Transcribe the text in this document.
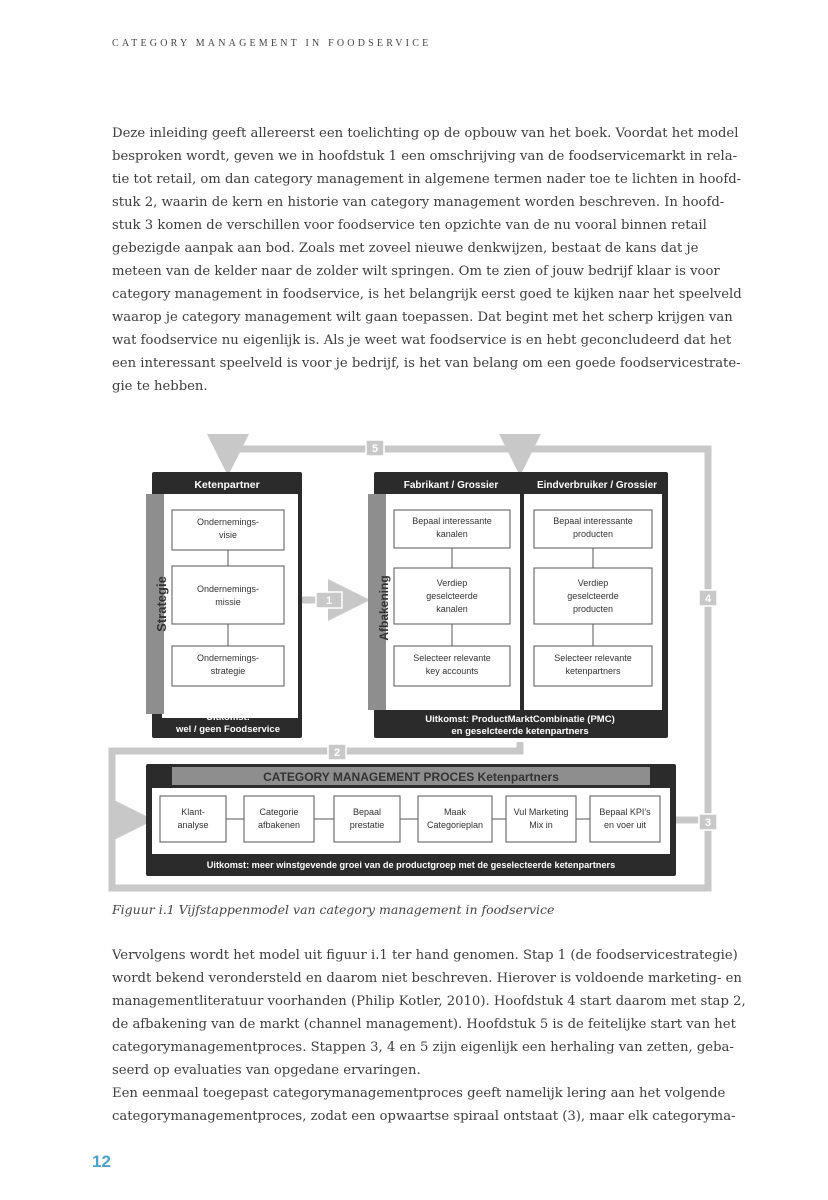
CATEGORY MANAGEMENT IN FOODSERVICE
Deze inleiding geeft allereerst een toelichting op de opbouw van het boek. Voordat het model
besproken wordt, geven we in hoofdstuk 1 een omschrijving van de foodservicemarkt in rela-
tie tot retail, om dan category management in algemene termen nader toe te lichten in hoofd-
stuk 2, waarin de kern en historie van category management worden beschreven. In hoofd-
stuk 3 komen de verschillen voor foodservice ten opzichte van de nu vooral binnen retail
gebezigde aanpak aan bod. Zoals met zoveel nieuwe denkwijzen, bestaat de kans dat je
meteen van de kelder naar de zolder wilt springen. Om te zien of jouw bedrijf klaar is voor
category management in foodservice, is het belangrijk eerst goed te kijken naar het speelveld
waarop je category management wilt gaan toepassen. Dat begint met het scherp krijgen van
wat foodservice nu eigenlijk is. Als je weet wat foodservice is en hebt geconcludeerd dat het
een interessant speelveld is voor je bedrijf, is het van belang om een goede foodservicestrate-
gie te hebben.
5
1
2
3
4
Ketenpartner
Strategie
Ondernemings-
visie
Ondernemings-
missie
Ondernemings-
strategie
Uitkomst:
wel / geen Foodservice
Fabrikant / Grossier	Eindverbruiker / Grossier
Afbakening
Bepaal interessante
kanalen
Verdiep
geselcteerde
kanalen
Selecteer relevante
key accounts
Bepaal interessante
producten
Verdiep
geselcteerde
producten
Selecteer relevante
ketenpartners
Uitkomst: ProductMarktCombinatie (PMC)
en geselcteerde ketenpartners
CATEGORY MANAGEMENT PROCES Ketenpartners
Klant-
analyse
Categorie
afbakenen
Bepaal
prestatie
Maak
Categorieplan
Vul Marketing
Mix in
Bepaal KPI's
en voer uit
Uitkomst: meer winstgevende groei van de productgroep met de geselecteerde ketenpartners
Figuur i.1 Vijfstappenmodel van category management in foodservice
Vervolgens wordt het model uit figuur i.1 ter hand genomen. Stap 1 (de foodservicestrategie)
wordt bekend verondersteld en daarom niet beschreven. Hierover is voldoende marketing- en
managementliteratuur voorhanden (Philip Kotler, 2010). Hoofdstuk 4 start daarom met stap 2,
de afbakening van de markt (channel management). Hoofdstuk 5 is de feitelijke start van het
categorymanagementproces. Stappen 3, 4 en 5 zijn eigenlijk een herhaling van zetten, geba-
seerd op evaluaties van opgedane ervaringen.
Een eenmaal toegepast categorymanagementproces geeft namelijk lering aan het volgende
categorymanagementproces, zodat een opwaartse spiraal ontstaat (3), maar elk categoryma-
12
